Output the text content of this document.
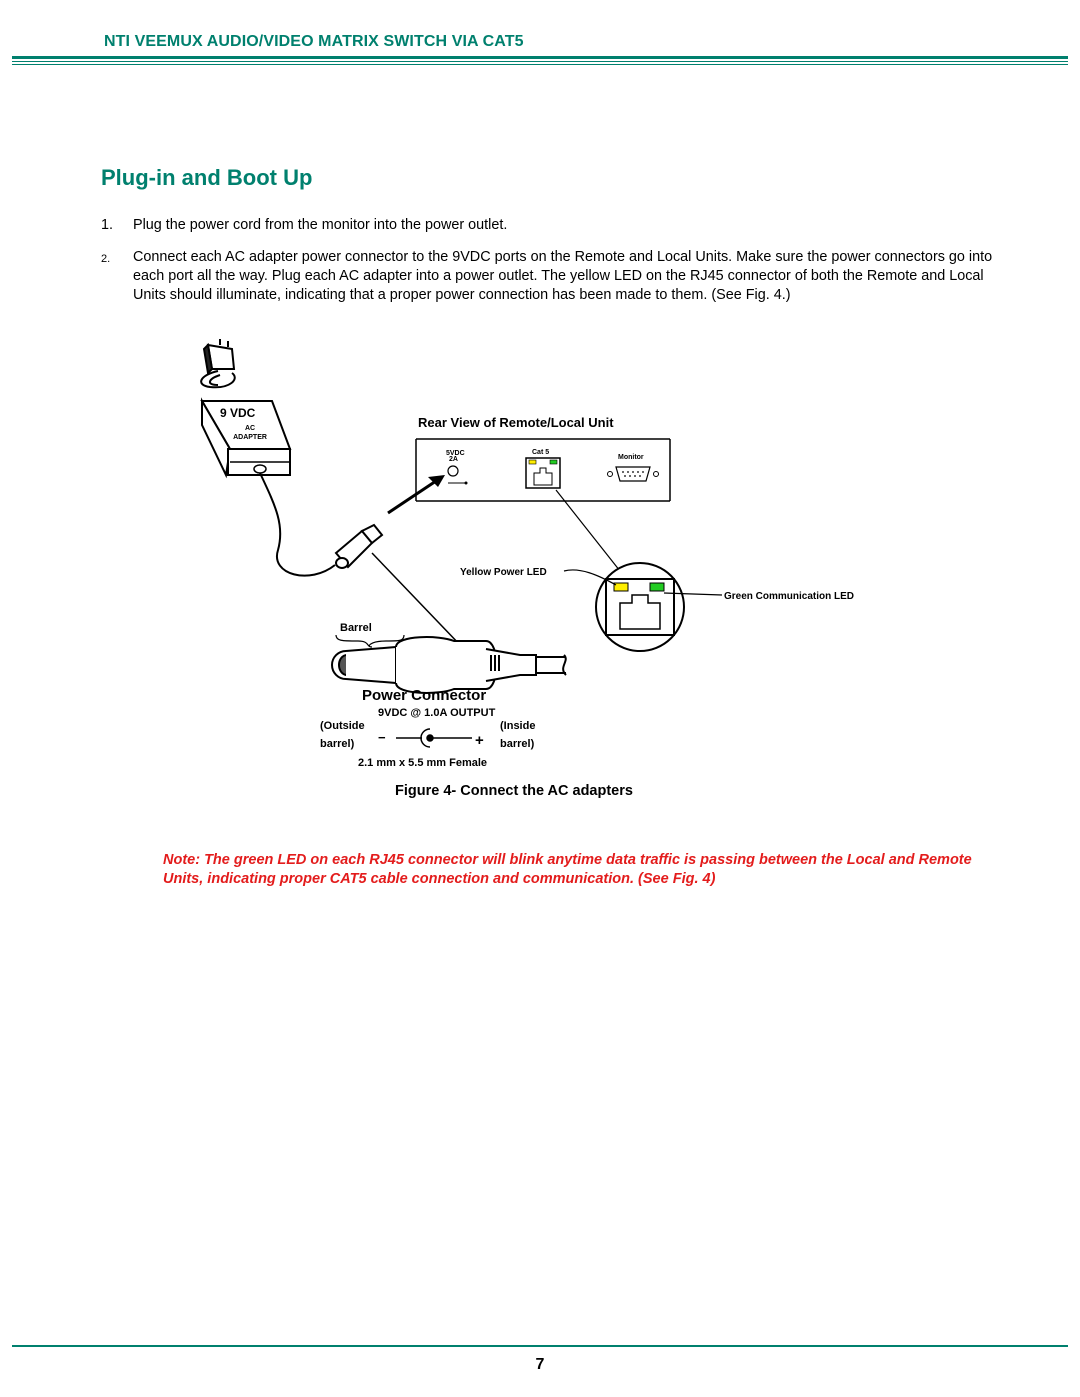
NTI VEEMUX AUDIO/VIDEO MATRIX SWITCH VIA CAT5
Plug-in and Boot Up
1. Plug the power cord from the monitor into the power outlet.
2. Connect each AC adapter power connector to the 9VDC ports on the Remote and Local Units. Make sure the power connectors go into each port all the way. Plug each AC adapter into a power outlet. The yellow LED on the RJ45 connector of both the Remote and Local Units should illuminate, indicating that a proper power connection has been made to them. (See Fig. 4.)
9 VDC
AC
ADAPTER
Rear View of Remote/Local Unit
5VDC
2A
Cat 5
Monitor
Yellow Power LED
Green Communication LED
Barrel
Power Connector
9VDC @ 1.0A OUTPUT
(Outside
barrel)
(Inside
barrel)
−	+
2.1 mm x 5.5 mm Female
Figure 4- Connect the AC adapters
Note: The green LED on each RJ45 connector will blink anytime data traffic is passing between the Local and Remote Units, indicating proper CAT5 cable connection and communication. (See Fig. 4)
7
